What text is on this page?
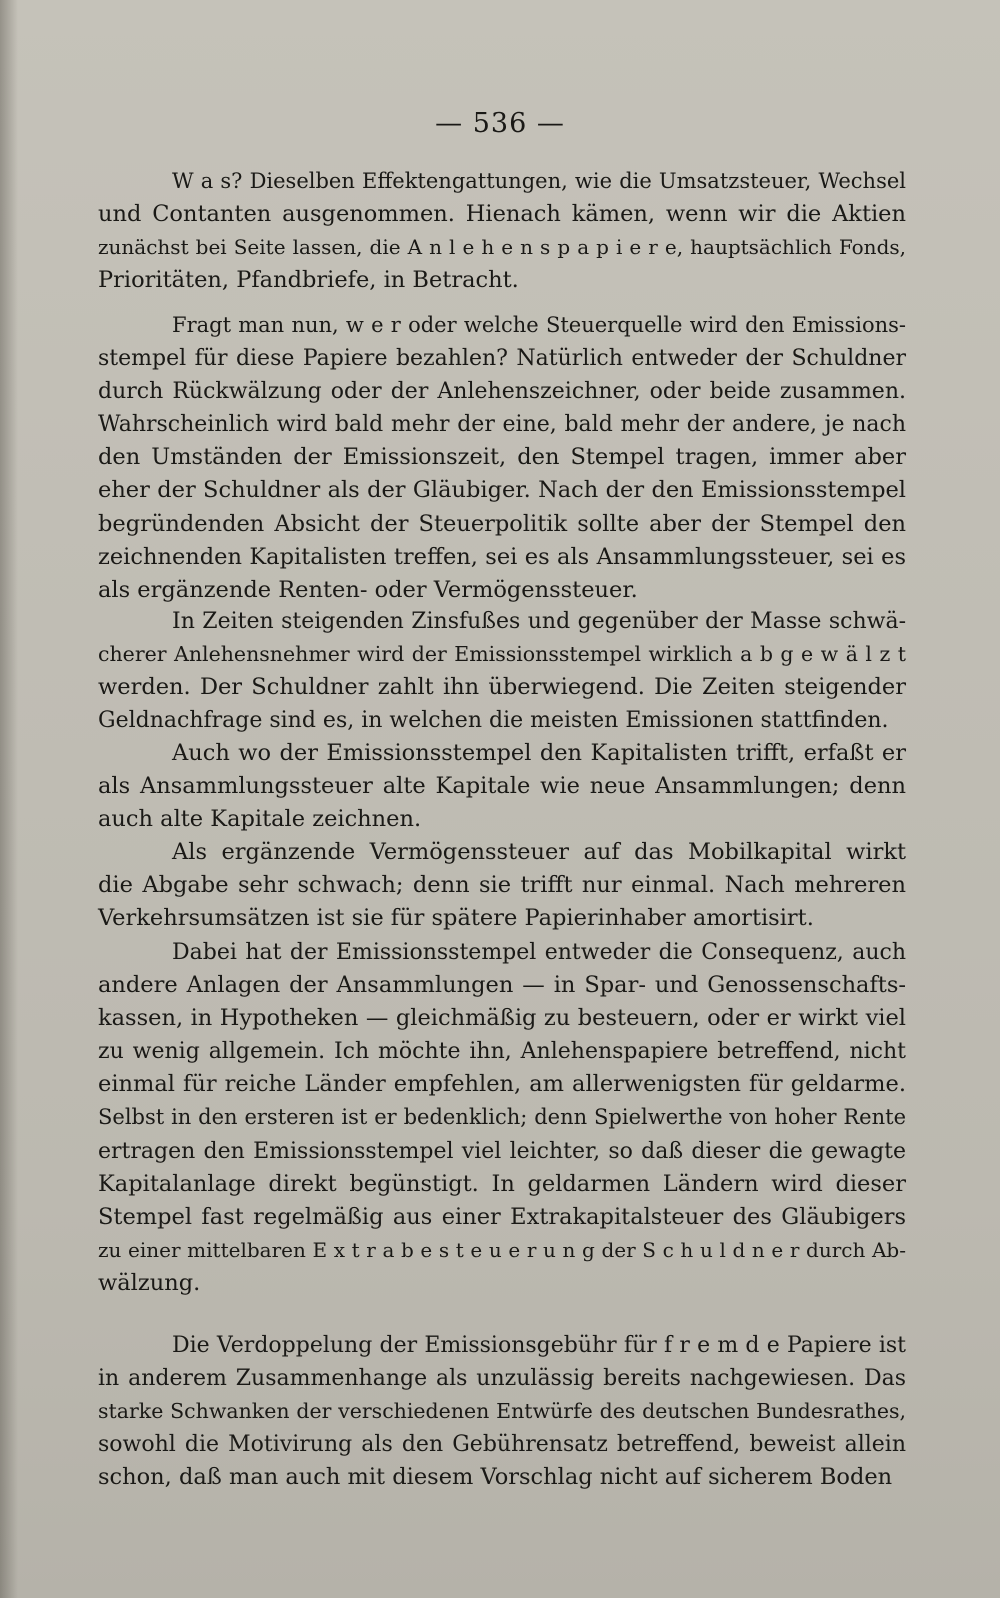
— 536 —
W a s? Dieselben Effektengattungen, wie die Umsatzsteuer, Wechsel
und Contanten ausgenommen. Hienach kämen, wenn wir die Aktien
zunächst bei Seite lassen, die A n l e h e n s p a p i e r e, hauptsächlich Fonds,
Prioritäten, Pfandbriefe, in Betracht.
Fragt man nun, w e r oder welche Steuerquelle wird den Emissions-
stempel für diese Papiere bezahlen? Natürlich entweder der Schuldner
durch Rückwälzung oder der Anlehenszeichner, oder beide zusammen.
Wahrscheinlich wird bald mehr der eine, bald mehr der andere, je nach
den Umständen der Emissionszeit, den Stempel tragen, immer aber
eher der Schuldner als der Gläubiger. Nach der den Emissionsstempel
begründenden Absicht der Steuerpolitik sollte aber der Stempel den
zeichnenden Kapitalisten treffen, sei es als Ansammlungssteuer, sei es
als ergänzende Renten- oder Vermögenssteuer.
In Zeiten steigenden Zinsfußes und gegenüber der Masse schwä-
cherer Anlehensnehmer wird der Emissionsstempel wirklich a b g e w ä l z t
werden. Der Schuldner zahlt ihn überwiegend. Die Zeiten steigender
Geldnachfrage sind es, in welchen die meisten Emissionen stattfinden.
Auch wo der Emissionsstempel den Kapitalisten trifft, erfaßt er
als Ansammlungssteuer alte Kapitale wie neue Ansammlungen; denn
auch alte Kapitale zeichnen.
Als ergänzende Vermögenssteuer auf das Mobilkapital wirkt
die Abgabe sehr schwach; denn sie trifft nur einmal. Nach mehreren
Verkehrsumsätzen ist sie für spätere Papierinhaber amortisirt.
Dabei hat der Emissionsstempel entweder die Consequenz, auch
andere Anlagen der Ansammlungen — in Spar- und Genossenschafts-
kassen, in Hypotheken — gleichmäßig zu besteuern, oder er wirkt viel
zu wenig allgemein. Ich möchte ihn, Anlehenspapiere betreffend, nicht
einmal für reiche Länder empfehlen, am allerwenigsten für geldarme.
Selbst in den ersteren ist er bedenklich; denn Spielwerthe von hoher Rente
ertragen den Emissionsstempel viel leichter, so daß dieser die gewagte
Kapitalanlage direkt begünstigt. In geldarmen Ländern wird dieser
Stempel fast regelmäßig aus einer Extrakapitalsteuer des Gläubigers
zu einer mittelbaren E x t r a b e s t e u e r u n g der S c h u l d n e r durch Ab-
wälzung.
Die Verdoppelung der Emissionsgebühr für f r e m d e Papiere ist
in anderem Zusammenhange als unzulässig bereits nachgewiesen. Das
starke Schwanken der verschiedenen Entwürfe des deutschen Bundesrathes,
sowohl die Motivirung als den Gebührensatz betreffend, beweist allein
schon, daß man auch mit diesem Vorschlag nicht auf sicherem Boden
